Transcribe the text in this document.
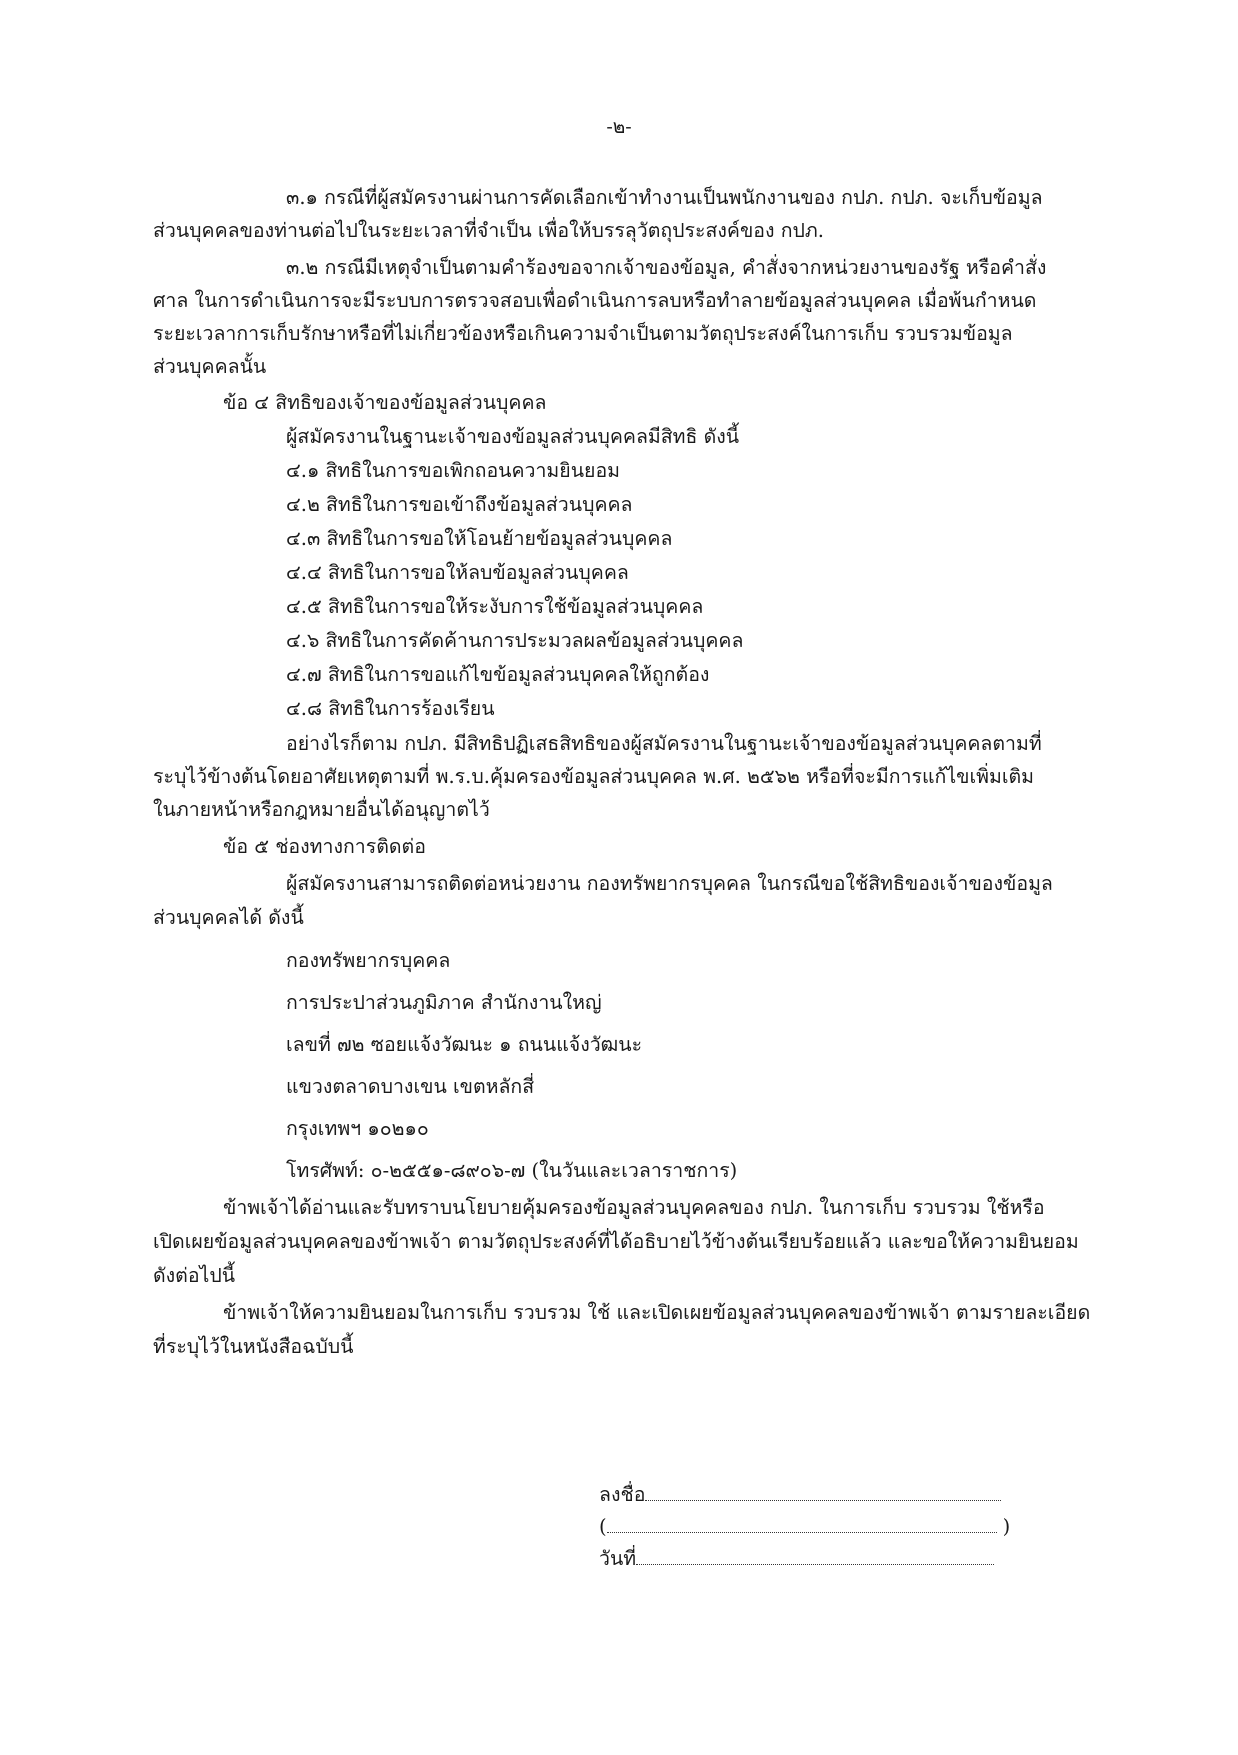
-๒-
๓.๑ กรณีที่ผู้สมัครงานผ่านการคัดเลือกเข้าทำงานเป็นพนักงานของ กปภ. กปภ. จะเก็บข้อมูล
ส่วนบุคคลของท่านต่อไปในระยะเวลาที่จำเป็น เพื่อให้บรรลุวัตถุประสงค์ของ กปภ.
๓.๒ กรณีมีเหตุจำเป็นตามคำร้องขอจากเจ้าของข้อมูล, คำสั่งจากหน่วยงานของรัฐ หรือคำสั่ง
ศาล ในการดำเนินการจะมีระบบการตรวจสอบเพื่อดำเนินการลบหรือทำลายข้อมูลส่วนบุคคล เมื่อพ้นกำหนด
ระยะเวลาการเก็บรักษาหรือที่ไม่เกี่ยวข้องหรือเกินความจำเป็นตามวัตถุประสงค์ในการเก็บ รวบรวมข้อมูล
ส่วนบุคคลนั้น
ข้อ ๔ สิทธิของเจ้าของข้อมูลส่วนบุคคล
ผู้สมัครงานในฐานะเจ้าของข้อมูลส่วนบุคคลมีสิทธิ ดังนี้
๔.๑ สิทธิในการขอเพิกถอนความยินยอม
๔.๒ สิทธิในการขอเข้าถึงข้อมูลส่วนบุคคล
๔.๓ สิทธิในการขอให้โอนย้ายข้อมูลส่วนบุคคล
๔.๔ สิทธิในการขอให้ลบข้อมูลส่วนบุคคล
๔.๕ สิทธิในการขอให้ระงับการใช้ข้อมูลส่วนบุคคล
๔.๖ สิทธิในการคัดค้านการประมวลผลข้อมูลส่วนบุคคล
๔.๗ สิทธิในการขอแก้ไขข้อมูลส่วนบุคคลให้ถูกต้อง
๔.๘ สิทธิในการร้องเรียน
อย่างไรก็ตาม กปภ. มีสิทธิปฏิเสธสิทธิของผู้สมัครงานในฐานะเจ้าของข้อมูลส่วนบุคคลตามที่
ระบุไว้ข้างต้นโดยอาศัยเหตุตามที่ พ.ร.บ.คุ้มครองข้อมูลส่วนบุคคล พ.ศ. ๒๕๖๒ หรือที่จะมีการแก้ไขเพิ่มเติม
ในภายหน้าหรือกฎหมายอื่นได้อนุญาตไว้
ข้อ ๕ ช่องทางการติดต่อ
ผู้สมัครงานสามารถติดต่อหน่วยงาน กองทรัพยากรบุคคล ในกรณีขอใช้สิทธิของเจ้าของข้อมูล
ส่วนบุคคลได้ ดังนี้
กองทรัพยากรบุคคล
การประปาส่วนภูมิภาค สำนักงานใหญ่
เลขที่ ๗๒ ซอยแจ้งวัฒนะ ๑ ถนนแจ้งวัฒนะ
แขวงตลาดบางเขน เขตหลักสี่
กรุงเทพฯ ๑๐๒๑๐
โทรศัพท์: ๐-๒๕๕๑-๘๙๐๖-๗ (ในวันและเวลาราชการ)
ข้าพเจ้าได้อ่านและรับทราบนโยบายคุ้มครองข้อมูลส่วนบุคคลของ กปภ. ในการเก็บ รวบรวม ใช้หรือ
เปิดเผยข้อมูลส่วนบุคคลของข้าพเจ้า ตามวัตถุประสงค์ที่ได้อธิบายไว้ข้างต้นเรียบร้อยแล้ว และขอให้ความยินยอม
ดังต่อไปนี้
ข้าพเจ้าให้ความยินยอมในการเก็บ รวบรวม ใช้ และเปิดเผยข้อมูลส่วนบุคคลของข้าพเจ้า ตามรายละเอียด
ที่ระบุไว้ในหนังสือฉบับนี้
ลงชื่อ
(	)
วันที่
